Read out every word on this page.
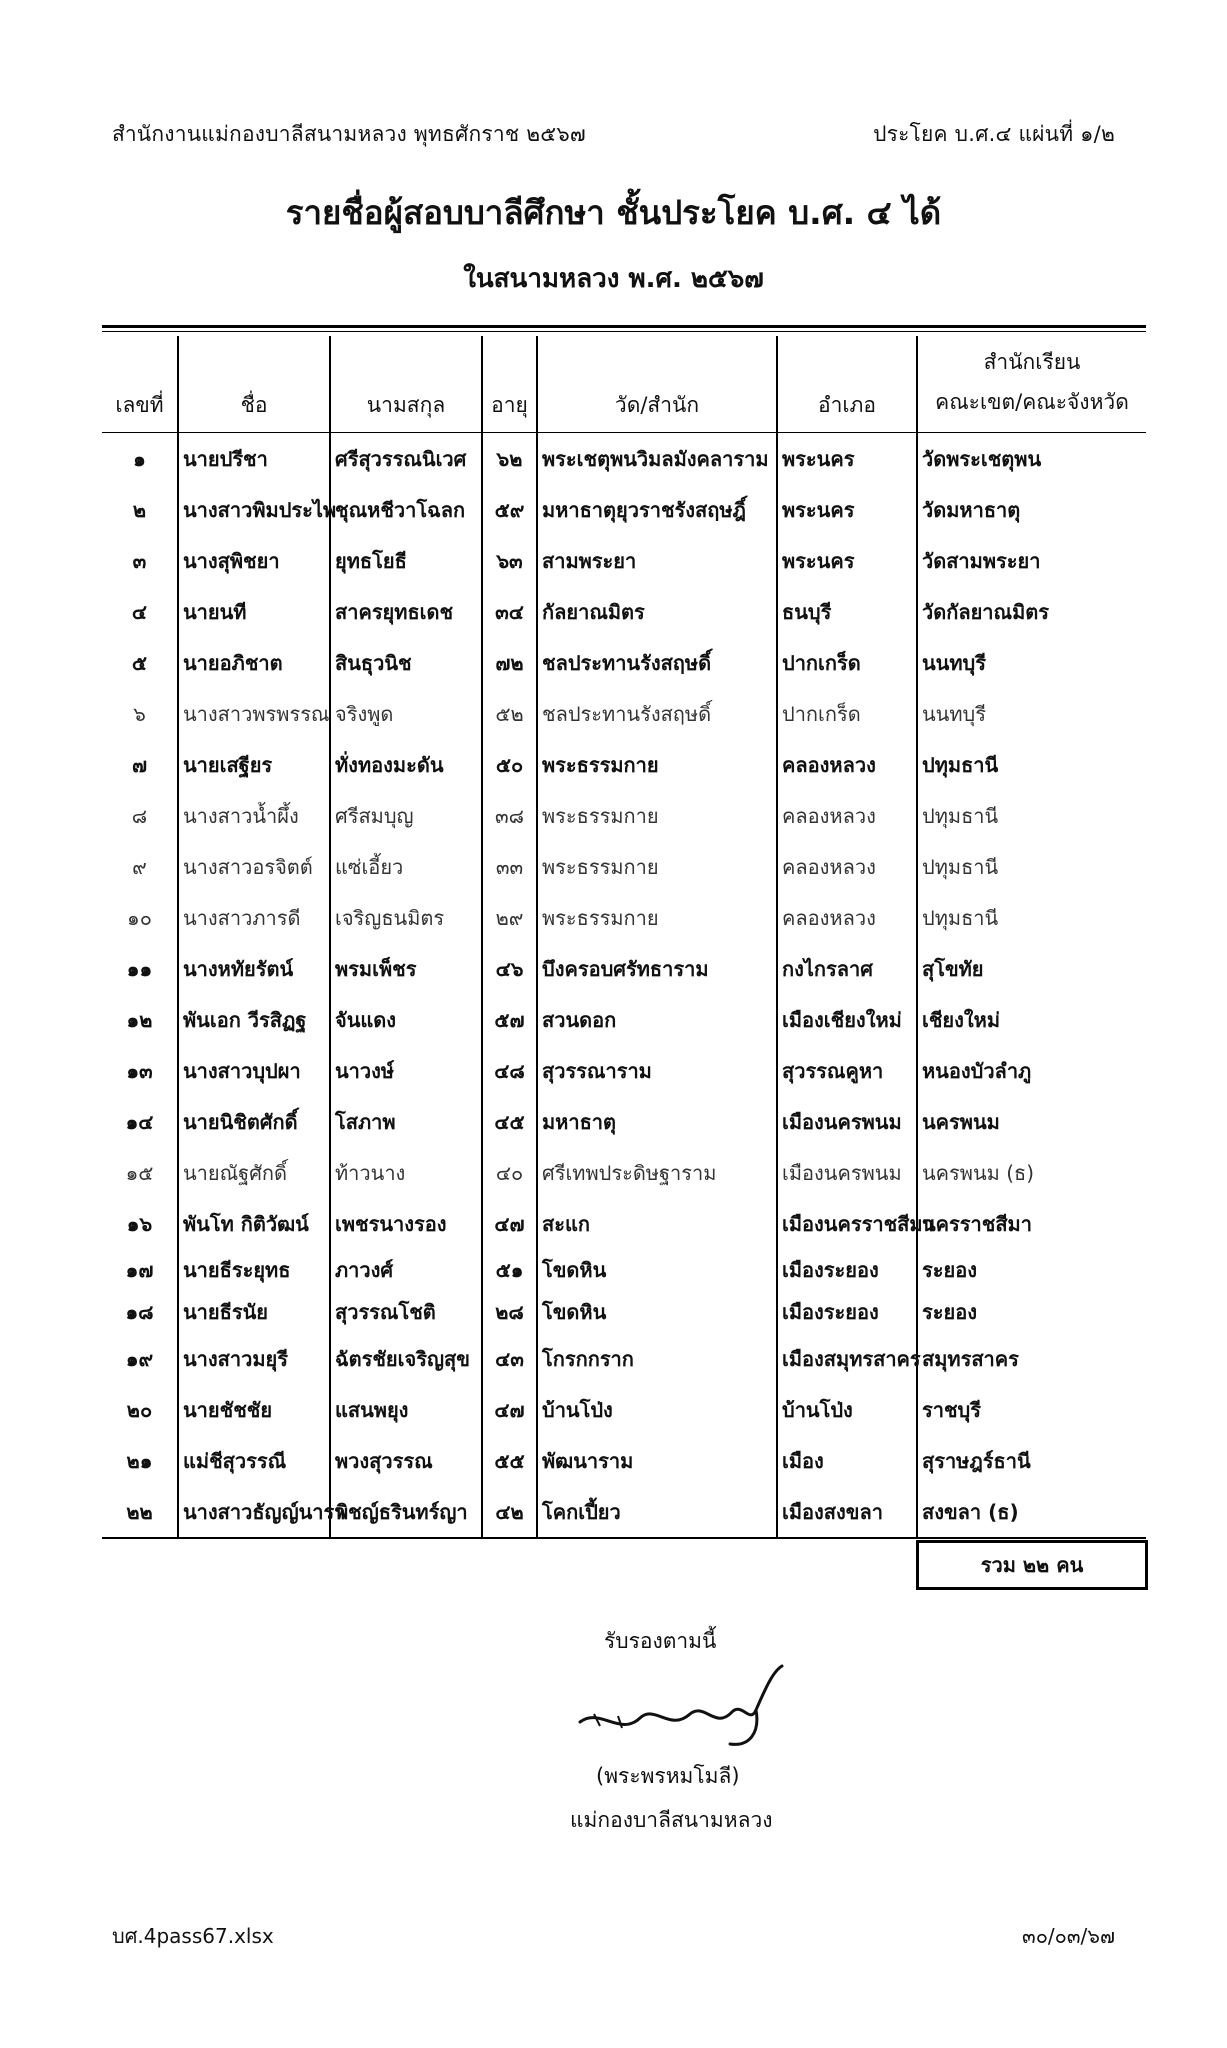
สำนักงานแม่กองบาลีสนามหลวง พุทธศักราช ๒๕๖๗	ประโยค บ.ศ.๔ แผ่นที่ ๑/๒
รายชื่อผู้สอบบาลีศึกษา ชั้นประโยค บ.ศ. ๔ ได้
ในสนามหลวง พ.ศ. ๒๕๖๗
เลขที่	ชื่อ	นามสกุล	อายุ	วัด/สำนัก	อำเภอ	สำนักเรียน
คณะเขต/คณะจังหวัด

๑	นายปรีชา	ศรีสุวรรณนิเวศ	๖๒	พระเชตุพนวิมลมังคลาราม	พระนคร	วัดพระเชตุพน
๒	นางสาวพิมประไพ	ชุณหชีวาโฉลก	๕๙	มหาธาตุยุวราชรังสฤษฎิ์	พระนคร	วัดมหาธาตุ
๓	นางสุพิชยา	ยุทธโยธี	๖๓	สามพระยา	พระนคร	วัดสามพระยา
๔	นายนที	สาครยุทธเดช	๓๔	กัลยาณมิตร	ธนบุรี	วัดกัลยาณมิตร
๕	นายอภิชาต	สินธุวนิช	๗๒	ชลประทานรังสฤษดิ์	ปากเกร็ด	นนทบุรี
๖	นางสาวพรพรรณ	จริงพูด	๕๒	ชลประทานรังสฤษดิ์	ปากเกร็ด	นนทบุรี
๗	นายเสฐียร	ทั่งทองมะดัน	๕๐	พระธรรมกาย	คลองหลวง	ปทุมธานี
๘	นางสาวน้ำผึ้ง	ศรีสมบุญ	๓๘	พระธรรมกาย	คลองหลวง	ปทุมธานี
๙	นางสาวอรจิตต์	แซ่เอี้ยว	๓๓	พระธรรมกาย	คลองหลวง	ปทุมธานี
๑๐	นางสาวภารดี	เจริญธนมิตร	๒๙	พระธรรมกาย	คลองหลวง	ปทุมธานี
๑๑	นางหทัยรัตน์	พรมเพ็ชร	๔๖	บึงครอบศรัทธาราม	กงไกรลาศ	สุโขทัย
๑๒	พันเอก วีรสิฏฐ	จันแดง	๕๗	สวนดอก	เมืองเชียงใหม่	เชียงใหม่
๑๓	นางสาวบุปผา	นาวงษ์	๔๘	สุวรรณาราม	สุวรรณคูหา	หนองบัวลำภู
๑๔	นายนิชิตศักดิ์	โสภาพ	๔๕	มหาธาตุ	เมืองนครพนม	นครพนม
๑๕	นายณัฐศักดิ์	ท้าวนาง	๔๐	ศรีเทพประดิษฐาราม	เมืองนครพนม	นครพนม (ธ)
๑๖	พันโท กิติวัฒน์	เพชรนางรอง	๔๗	สะแก	เมืองนครราชสีมา	นครราชสีมา
๑๗	นายธีระยุทธ	ภาวงศ์	๕๑	โขดหิน	เมืองระยอง	ระยอง
๑๘	นายธีรนัย	สุวรรณโชติ	๒๘	โขดหิน	เมืองระยอง	ระยอง
๑๙	นางสาวมยุรี	ฉัตรชัยเจริญสุข	๔๓	โกรกกราก	เมืองสมุทรสาคร	สมุทรสาคร
๒๐	นายชัชชัย	แสนพยุง	๔๗	บ้านโป่ง	บ้านโป่ง	ราชบุรี
๒๑	แม่ชีสุวรรณี	พวงสุวรรณ	๕๕	พัฒนาราม	เมือง	สุราษฎร์ธานี
๒๒	นางสาวธัญญ์นารา	พิชญ์ธรินทร์ญา	๔๒	โคกเปี้ยว	เมืองสงขลา	สงขลา (ธ)
รวม ๒๒ คน
รับรองตามนี้
(พระพรหมโมลี)
แม่กองบาลีสนามหลวง
บศ.4pass67.xlsx	๓๐/๐๓/๖๗
